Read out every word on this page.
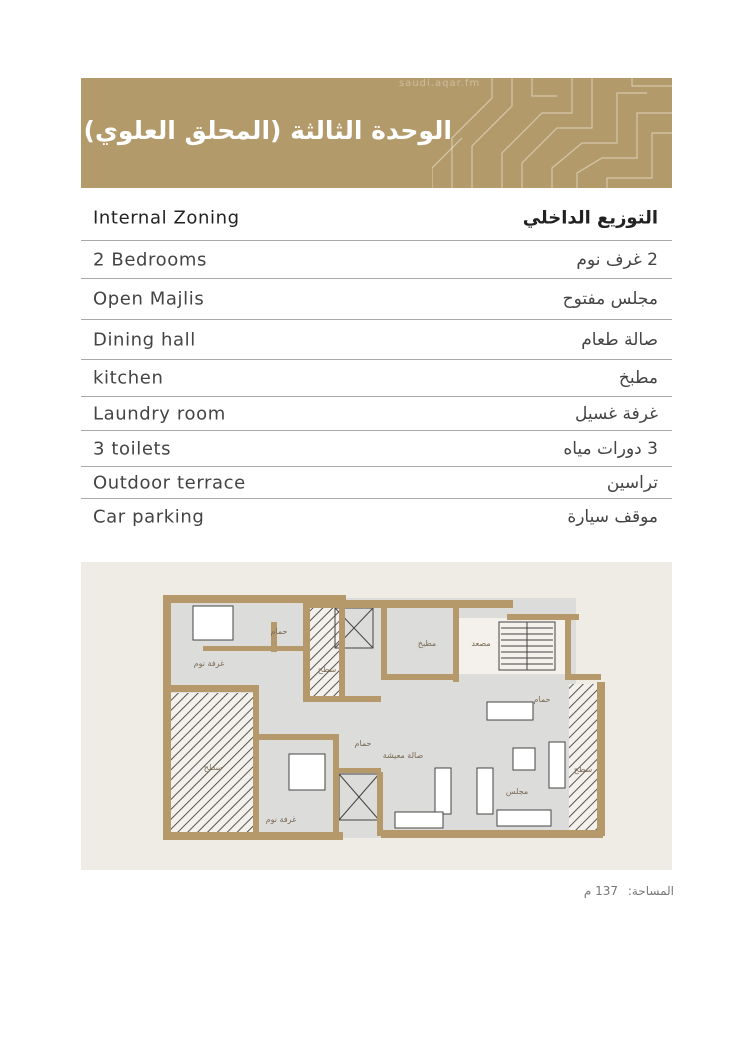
saudi.aqar.fm
الوحدة الثالثة (المحلق العلوي)
Internal Zoning	التوزيع الداخلي
2 Bedrooms	2 غرف نوم
Open Majlis	مجلس مفتوح
Dining hall	صالة طعام
kitchen	مطبخ
Laundry room	غرفة غسيل
3 toilets	3 دورات مياه
Outdoor terrace	تراسين
Car parking	موقف سيارة
غرفة نوم
غرفة نوم
حمام
حمام
حمام
مطبخ	مصعد
سطح
سطح
سطح
صالة معيشة
مجلس
المساحة: 137 م
